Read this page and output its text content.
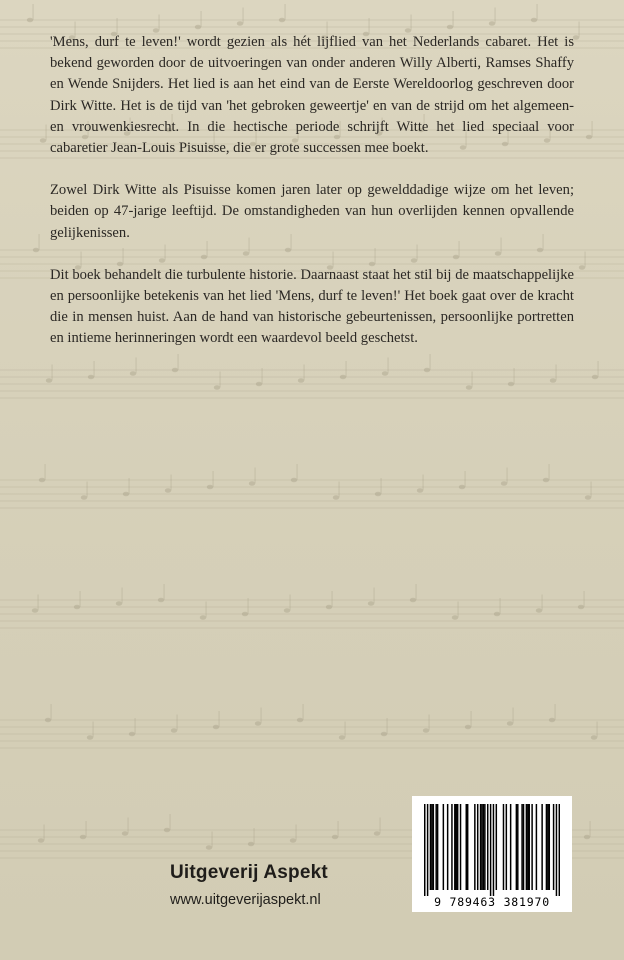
'Mens, durf te leven!' wordt gezien als hét lijflied van het Nederlands cabaret. Het is bekend geworden door de uitvoeringen van onder anderen Willy Alberti, Ramses Shaffy en Wende Snijders. Het lied is aan het eind van de Eerste Wereldoorlog geschreven door Dirk Witte. Het is de tijd van 'het gebroken geweertje' en van de strijd om het algemeen- en vrouwenkiesrecht. In die hectische periode schrijft Witte het lied speciaal voor cabaretier Jean-Louis Pisuisse, die er grote successen mee boekt.

Zowel Dirk Witte als Pisuisse komen jaren later op gewelddadige wijze om het leven; beiden op 47-jarige leeftijd. De omstandigheden van hun overlijden kennen opvallende gelijkenissen.

Dit boek behandelt die turbulente historie. Daarnaast staat het stil bij de maatschappelijke en persoonlijke betekenis van het lied 'Mens, durf te leven!' Het boek gaat over de kracht die in mensen huist. Aan de hand van historische gebeurtenissen, persoonlijke portretten en intieme herinneringen wordt een waardevol beeld geschetst.

Uitgeverij Aspekt
www.uitgeverijaspekt.nl	9 789463 381970
